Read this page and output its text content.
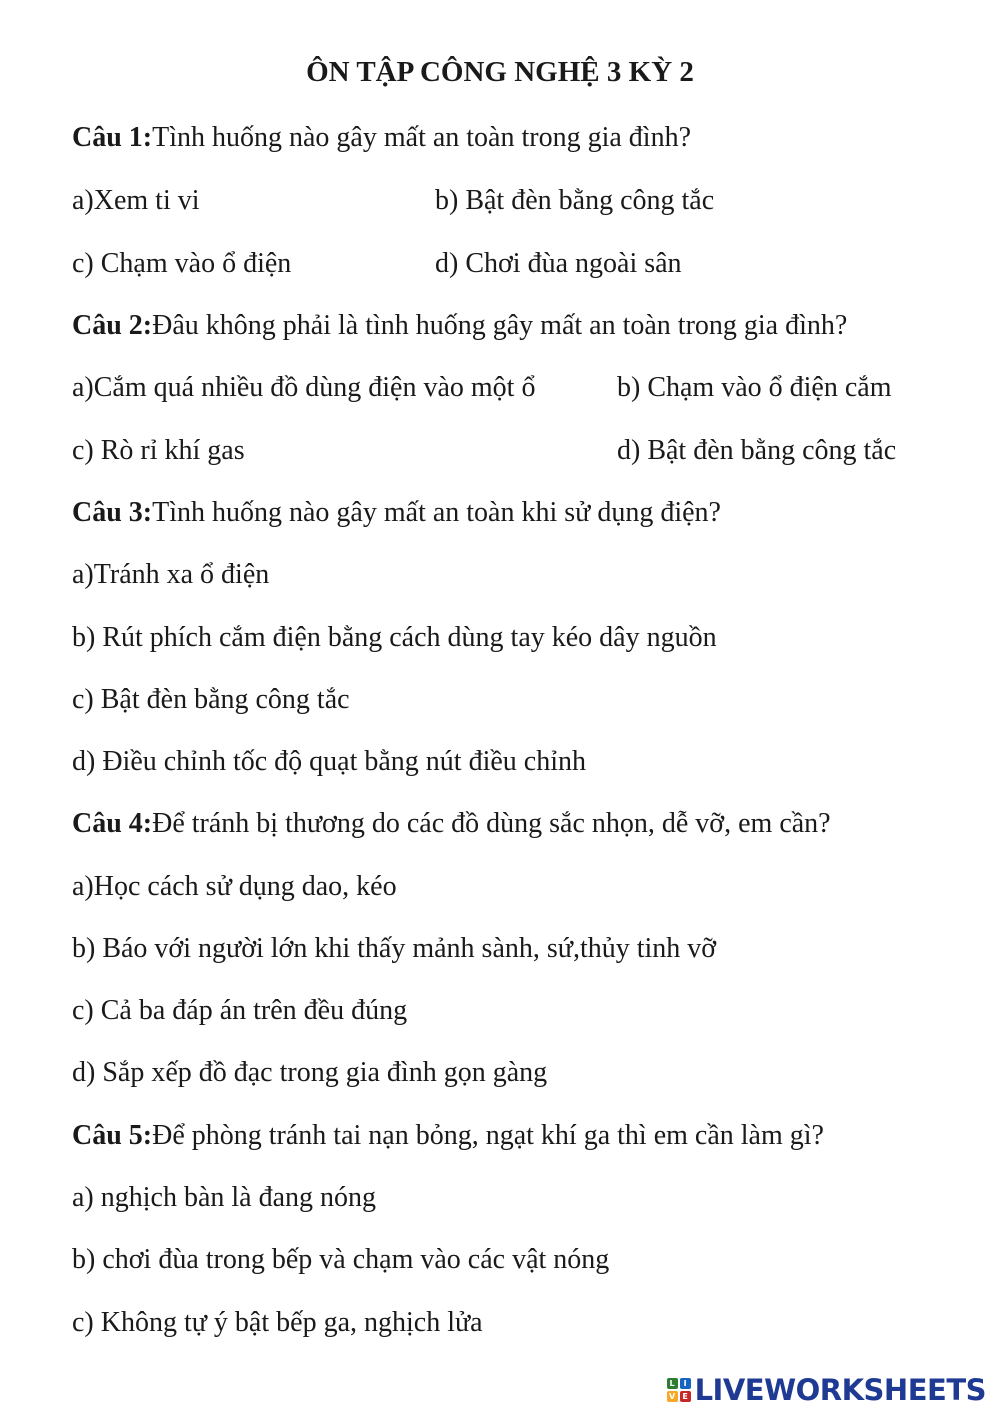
ÔN TẬP CÔNG NGHỆ 3 KỲ 2
Câu 1:Tình huống nào gây mất an toàn trong gia đình?
a)Xem ti vi	b) Bật đèn bằng công tắc
c) Chạm vào ổ điện	d) Chơi đùa ngoài sân
Câu 2:Đâu không phải là tình huống gây mất an toàn trong gia đình?
a)Cắm quá nhiều đồ dùng điện vào một ổ	b) Chạm vào ổ điện cắm
c) Rò rỉ khí gas	d) Bật đèn bằng công tắc
Câu 3:Tình huống nào gây mất an toàn khi sử dụng điện?
a)Tránh xa ổ điện
b) Rút phích cắm điện bằng cách dùng tay kéo dây nguồn
c) Bật đèn bằng công tắc
d) Điều chỉnh tốc độ quạt bằng nút điều chỉnh
Câu 4:Để tránh bị thương do các đồ dùng sắc nhọn, dễ vỡ, em cần?
a)Học cách sử dụng dao, kéo
b) Báo với người lớn khi thấy mảnh sành, sứ,thủy tinh vỡ
c) Cả ba đáp án trên đều đúng
d) Sắp xếp đồ đạc trong gia đình gọn gàng
Câu 5:Để phòng tránh tai nạn bỏng, ngạt khí ga thì em cần làm gì?
a) nghịch bàn là đang nóng
b) chơi đùa trong bếp và chạm vào các vật nóng
c) Không tự ý bật bếp ga, nghịch lửa
L	I
V E LIVEWORKSHEETS
